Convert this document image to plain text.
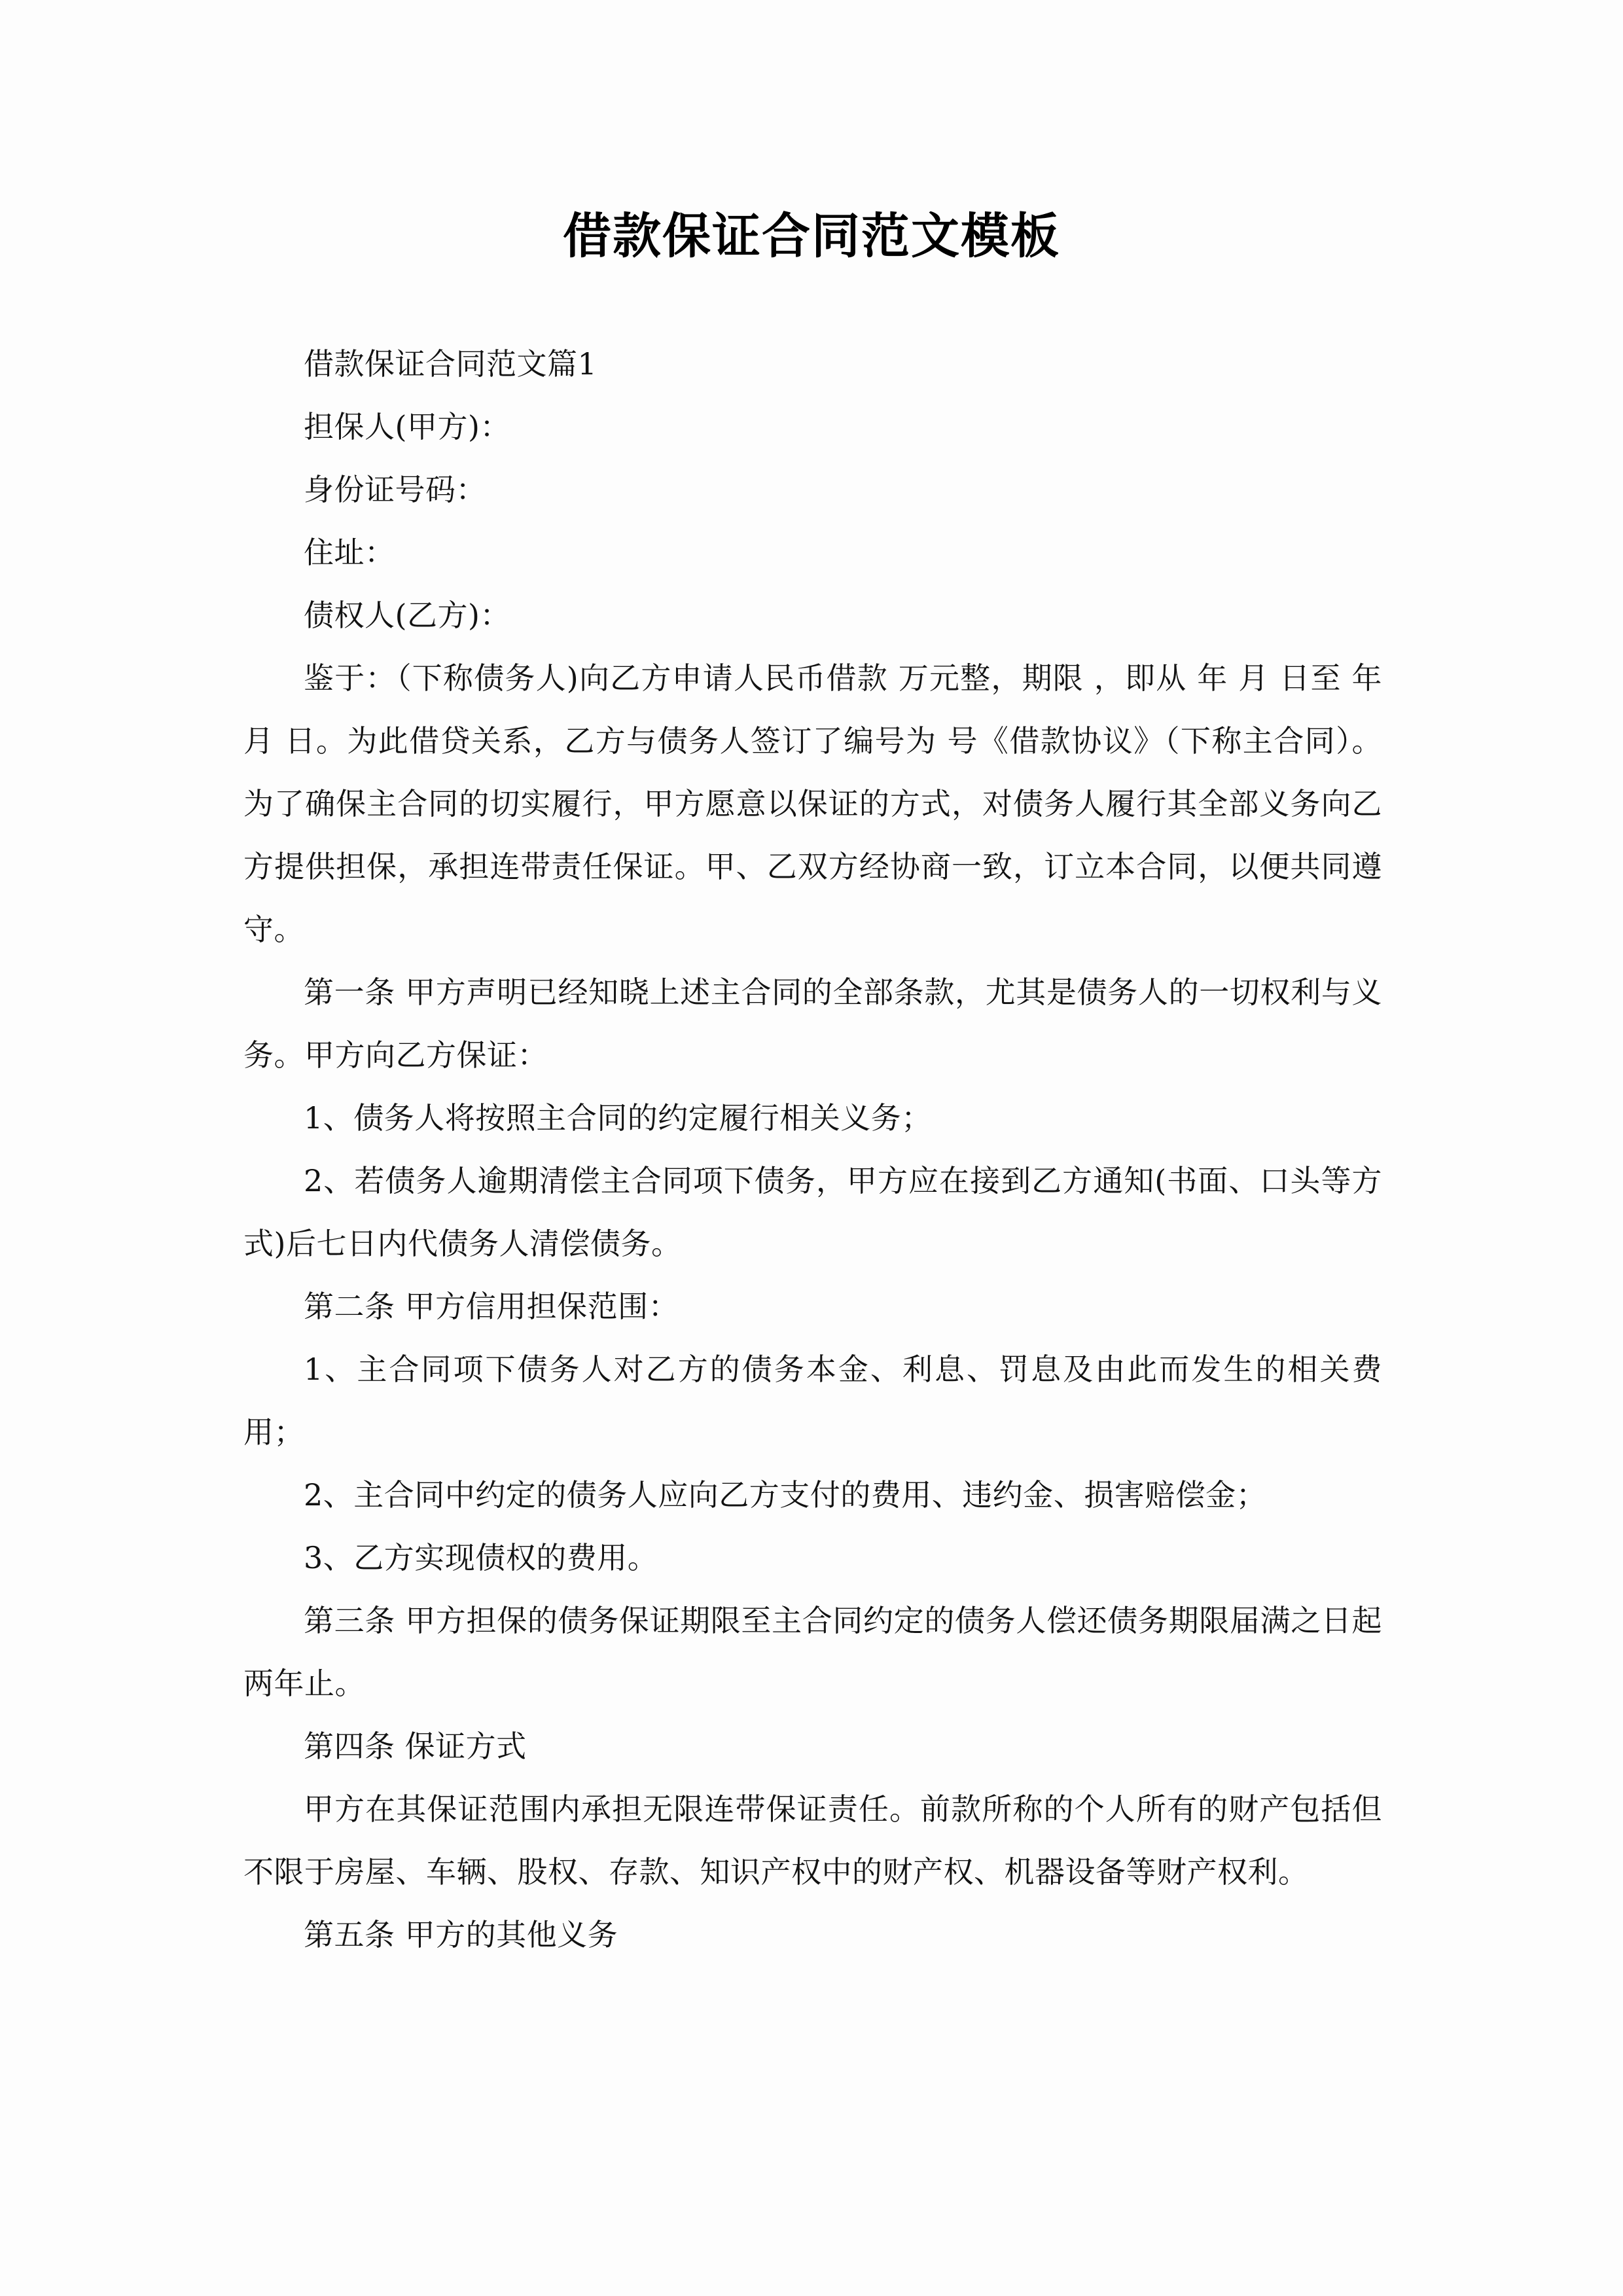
借款保证合同范文模板

借款保证合同范文篇1

担保人(甲方)：

身份证号码：

住址：

债权人(乙方)：

鉴于：（下称债务人)向乙方申请人民币借款 万元整，期限 ，即从 年 月 日至 年 月 日。为此借贷关系，乙方与债务人签订了编号为 号《借款协议》（下称主合同）。为了确保主合同的切实履行，甲方愿意以保证的方式，对债务人履行其全部义务向乙方提供担保，承担连带责任保证。甲、乙双方经协商一致，订立本合同，以便共同遵守。

第一条 甲方声明已经知晓上述主合同的全部条款，尤其是债务人的一切权利与义务。甲方向乙方保证：

1、债务人将按照主合同的约定履行相关义务；

2、若债务人逾期清偿主合同项下债务，甲方应在接到乙方通知(书面、口头等方式)后七日内代债务人清偿债务。

第二条 甲方信用担保范围：

1、主合同项下债务人对乙方的债务本金、利息、罚息及由此而发生的相关费用；

2、主合同中约定的债务人应向乙方支付的费用、违约金、损害赔偿金；

3、乙方实现债权的费用。

第三条 甲方担保的债务保证期限至主合同约定的债务人偿还债务期限届满之日起两年止。

第四条 保证方式

甲方在其保证范围内承担无限连带保证责任。前款所称的个人所有的财产包括但不限于房屋、车辆、股权、存款、知识产权中的财产权、机器设备等财产权利。

第五条 甲方的其他义务
